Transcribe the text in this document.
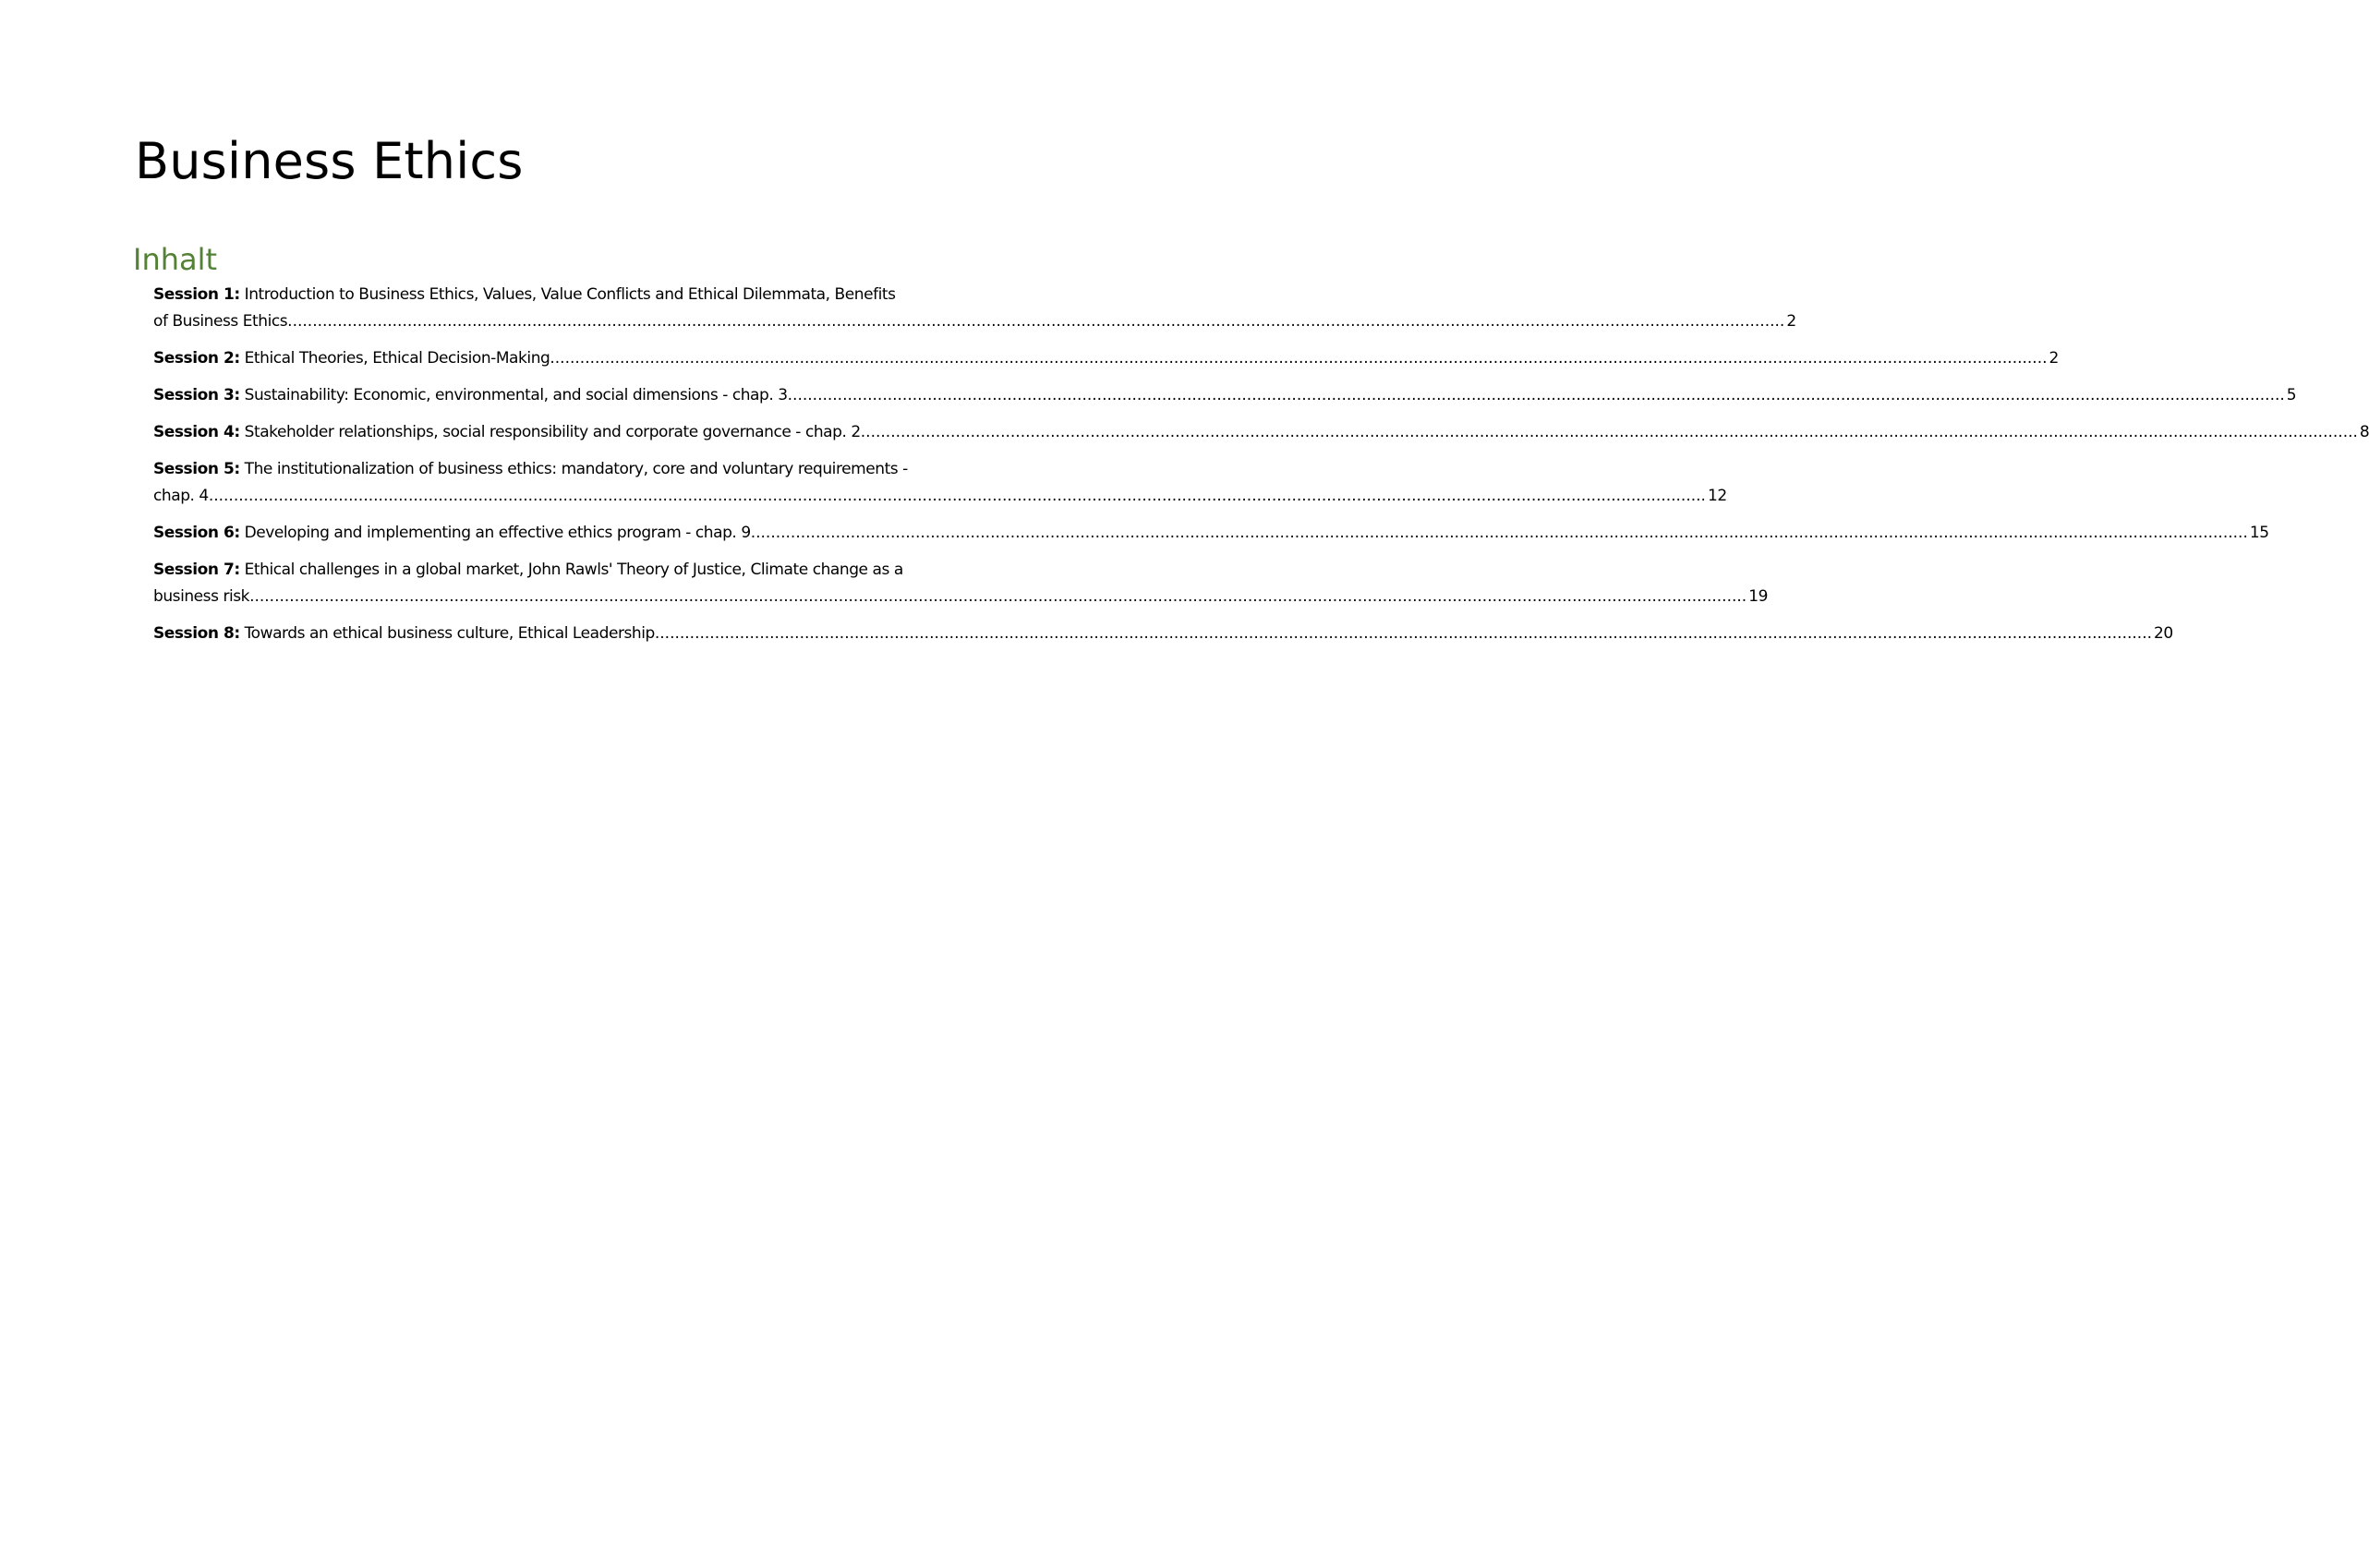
Business Ethics
Inhalt
Session 1: Introduction to Business Ethics, Values, Value Conflicts and Ethical Dilemmata, Benefits
of Business Ethics ............................................................................................................................................................................................................................................................................................................ 2
Session 2: Ethical Theories, Ethical Decision-Making ............................................................................................................................................................................................................................................................................................................ 2
Session 3: Sustainability: Economic, environmental, and social dimensions - chap. 3 ............................................................................................................................................................................................................................................................................................................ 5
Session 4: Stakeholder relationships, social responsibility and corporate governance - chap. 2 ............................................................................................................................................................................................................................................................................................................ 8
Session 5: The institutionalization of business ethics: mandatory, core and voluntary requirements -
chap. 4 ............................................................................................................................................................................................................................................................................................................ 12
Session 6: Developing and implementing an effective ethics program - chap. 9 ............................................................................................................................................................................................................................................................................................................ 15
Session 7: Ethical challenges in a global market, John Rawls' Theory of Justice, Climate change as a
business risk ............................................................................................................................................................................................................................................................................................................ 19
Session 8: Towards an ethical business culture, Ethical Leadership ............................................................................................................................................................................................................................................................................................................ 20
